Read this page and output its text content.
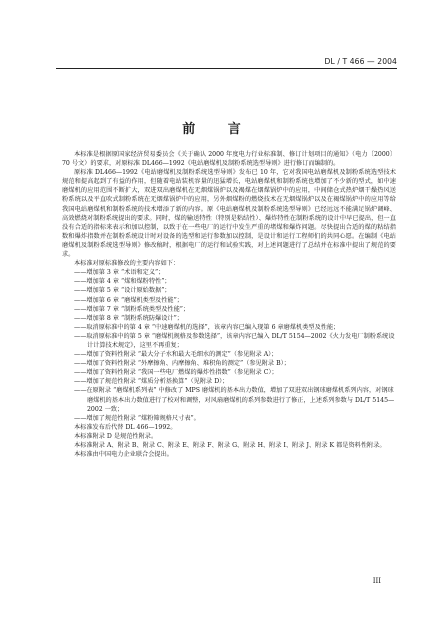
DL / T 466 — 2004
前 言

本标准是根据原国家经济贸易委员会《关于确认 2000 年度电力行业标准制、修订计划项目的通知》（电力〔2000〕70 号文）的要求，对原标准 DL466—1992《电站磨煤机及制粉系统选型导则》进行修订而编制的。

原标准 DL466—1992《电站磨煤机及制粉系统选型导则》发布已 10 年，它对我国电站磨煤机及制粉系统选型技术规范和提高起到了有益的作用，但随着电站装机容量的迅猛增长，电站磨煤机和制粉系统也增加了不少新的型式，如中速磨煤机的应用范围不断扩大，双进双出磨煤机在无烟煤锅炉以及褐煤在烟煤锅炉中的应用，中间储仓式热炉烟干燥热风送粉系统以及平直吹式制粉系统在无烟煤锅炉中的应用，另外烟煤粉的燃烧技术在无烟煤锅炉以及在褐煤锅炉中的应用等给我国电站磨煤机和制粉系统的技术增添了新的内容。原《电站磨煤机及制粉系统选型导则》已经远远不能满足锅炉调峰、高效燃烧对制粉系统提出的要求。同时，煤的输送特性（特别是粘结性）、爆炸特性在制粉系统的设计中早已提出，但一直没有合适的指标来表示和加以控制，以致于在一些电厂的运行中发生严重的堵煤和爆炸问题。尽快提出合适的煤的粘结指数和爆炸指数并在制粉系统设计时对设备的选型和运行参数加以控制，是设计和运行工程师们的共同心愿。在编制《电站磨煤机及制粉系统选型导则》修改稿时，根据电厂的运行和试验实践，对上述问题进行了总结并在标准中提出了规范的要求。

本标准对原标准修改的主要内容如下：

——增加第 3 章 “术语和定义”；

——增加第 4 章 “煤和煤粉特性”；

——增加第 5 章 “设计原始数据”；

——增加第 6 章 “磨煤机类型及性能”；

——增加第 7 章 “制粉系统类型及性能”；

——增加第 8 章 “制粉系统防爆设计”；

——取消原标准中的第 4 章 “中速磨煤机的选择”，该章内容已编入现第 6 章磨煤机类型及性能；

——取消原标准中的第 5 章 “磨煤机规格及参数选择”，该章内容已编入 DL/T 5154—2002《火力发电厂制粉系统设计计算技术规定》，这里不再重复；

——增加了资料性附录 “最大分子水和最大毛细水的测定”（参见附录 A）；

——增加了资料性附录 “外摩擦角、内摩擦角、堆积角的测定”（参见附录 B）；

——增加了资料性附录 “我国一些电厂燃煤的爆炸性指数”（参见附录 C）；

——增加了规范性附录 “煤质分析基换算”（见附录 D）；

——在原附录 “磨煤机系列表” 中修改了 MPS 磨煤机的基本出力数值，增加了双进双出钢球磨煤机系列内容，对钢球磨煤机的基本出力数值进行了校对和调整，对风扇磨煤机的系列参数进行了修正，上述系列参数与 DL/T 5145—2002 一致；

——增加了规范性附录 “煤粉筛规格尺寸表”。

本标准发布后代替 DL 466—1992。

本标准附录 D 是规范性附录。

本标准附录 A、附录 B、附录 C、附录 E、附录 F、附录 G、附录 H、附录 I、附录 J、附录 K 都是资料性附录。

本标准由中国电力企业联合会提出。

III
